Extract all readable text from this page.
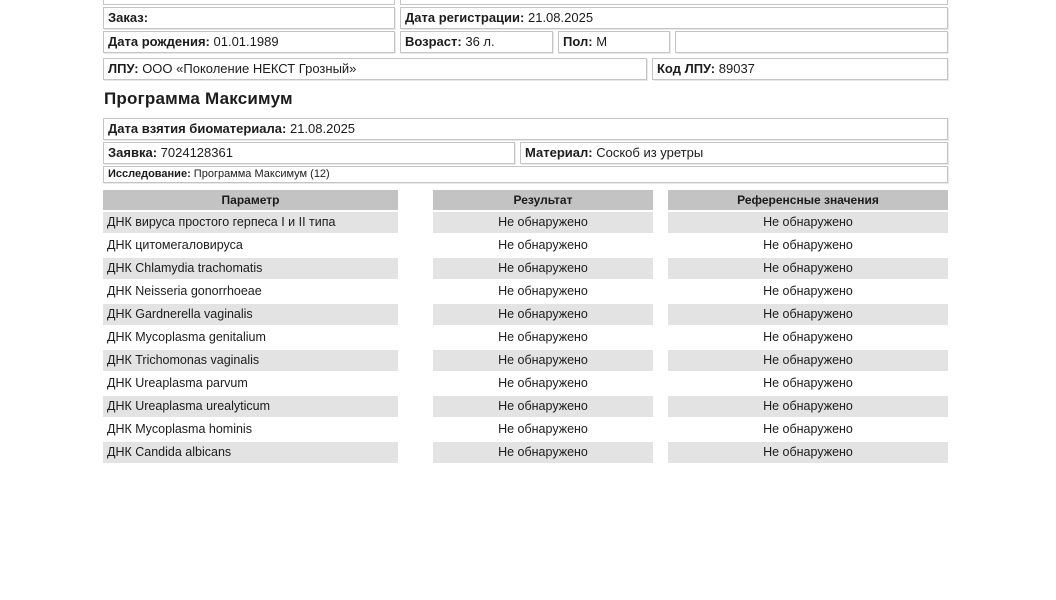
Заказ:	Дата регистрации: 21.08.2025
Дата рождения: 01.01.1989	Возраст: 36 л.	Пол: М
ЛПУ: ООО «Поколение НЕКСТ Грозный»	Код ЛПУ: 89037
Программа Максимум
Дата взятия биоматериала: 21.08.2025
Заявка: 7024128361	Материал: Соскоб из уретры
Исследование: Программа Максимум (12)
Параметр	Результат	Референсные значения
ДНК вируса простого герпеса I и II типа	Не обнаружено	Не обнаружено
ДНК цитомегаловируса	Не обнаружено	Не обнаружено
ДНК Chlamydia trachomatis	Не обнаружено	Не обнаружено
ДНК Neisseria gonorrhoeae	Не обнаружено	Не обнаружено
ДНК Gardnerella vaginalis	Не обнаружено	Не обнаружено
ДНК Mycoplasma genitalium	Не обнаружено	Не обнаружено
ДНК Trichomonas vaginalis	Не обнаружено	Не обнаружено
ДНК Ureaplasma parvum	Не обнаружено	Не обнаружено
ДНК Ureaplasma urealyticum	Не обнаружено	Не обнаружено
ДНК Mycoplasma hominis	Не обнаружено	Не обнаружено
ДНК Candida albicans	Не обнаружено	Не обнаружено
